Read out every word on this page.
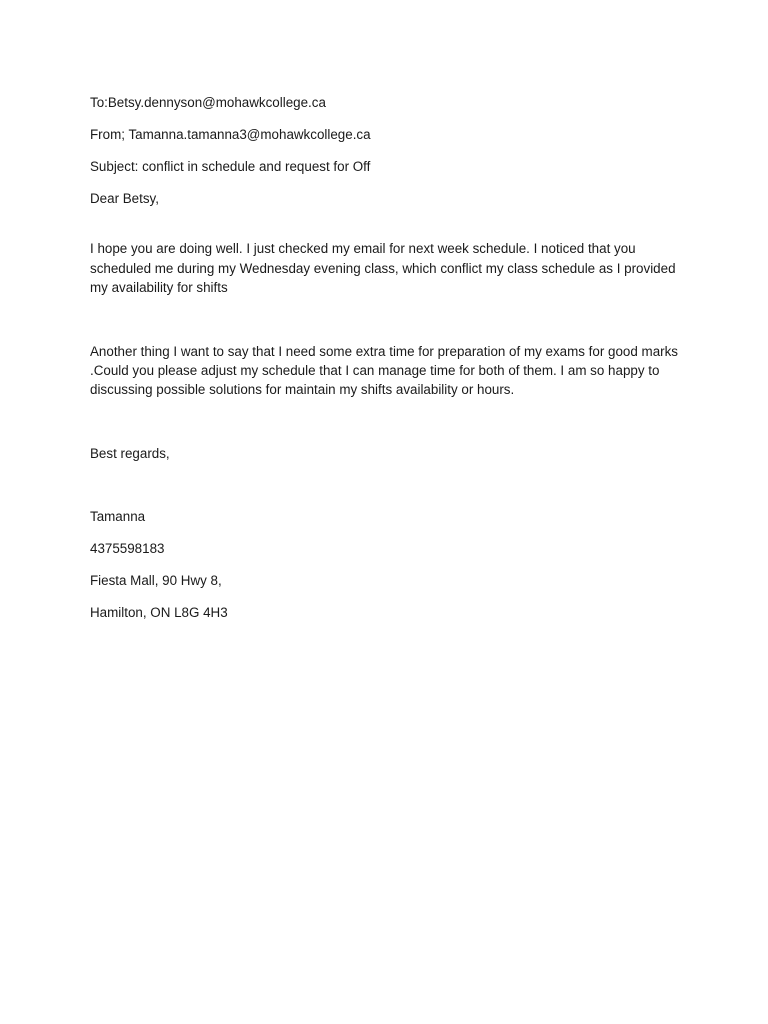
To:Betsy.dennyson@mohawkcollege.ca

From; Tamanna.tamanna3@mohawkcollege.ca

Subject: conflict in schedule and request for Off

Dear Betsy,

I hope you are doing well. I just checked my email for next week schedule. I noticed that you scheduled me during my Wednesday evening class, which conflict my class schedule as I provided my availability for shifts

Another thing I want to say that I need some extra time for preparation of my exams for good marks .Could you please adjust my schedule that I can manage time for both of them. I am so happy to discussing possible solutions for maintain my shifts availability or hours.

Best regards,

Tamanna

4375598183

Fiesta Mall, 90 Hwy 8,

Hamilton, ON L8G 4H3
